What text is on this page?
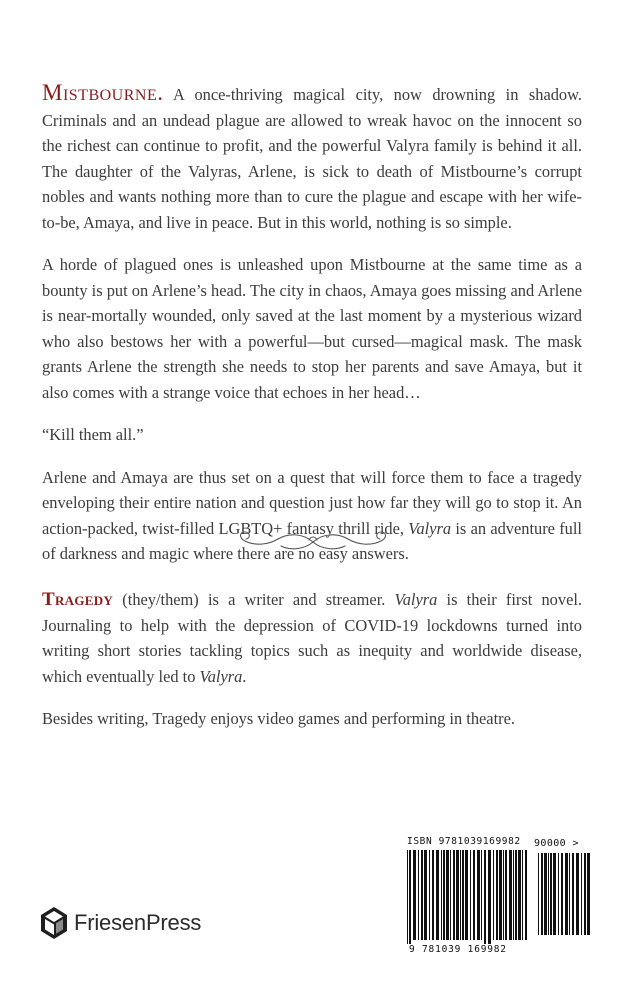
Mistbourne. A once-thriving magical city, now drowning in shadow. Criminals and an undead plague are allowed to wreak havoc on the innocent so the richest can continue to profit, and the powerful Valyra family is behind it all. The daughter of the Valyras, Arlene, is sick to death of Mistbourne’s corrupt nobles and wants nothing more than to cure the plague and escape with her wife-to-be, Amaya, and live in peace. But in this world, nothing is so simple.

A horde of plagued ones is unleashed upon Mistbourne at the same time as a bounty is put on Arlene’s head. The city in chaos, Amaya goes missing and Arlene is near-mortally wounded, only saved at the last moment by a mysterious wizard who also bestows her with a powerful—but cursed—magical mask. The mask grants Arlene the strength she needs to stop her parents and save Amaya, but it also comes with a strange voice that echoes in her head…

“Kill them all.”

Arlene and Amaya are thus set on a quest that will force them to face a tragedy enveloping their entire nation and question just how far they will go to stop it. An action-packed, twist-filled LGBTQ+ fantasy thrill ride, Valyra is an adventure full of darkness and magic where there are no easy answers.

Tragedy (they/them) is a writer and streamer. Valyra is their first novel. Journaling to help with the depression of COVID-19 lockdowns turned into writing short stories tackling topics such as inequity and worldwide disease, which eventually led to Valyra.

Besides writing, Tragedy enjoys video games and performing in theatre.

FriesenPress
ISBN 9781039169982 90000 >
9 781039 169982
